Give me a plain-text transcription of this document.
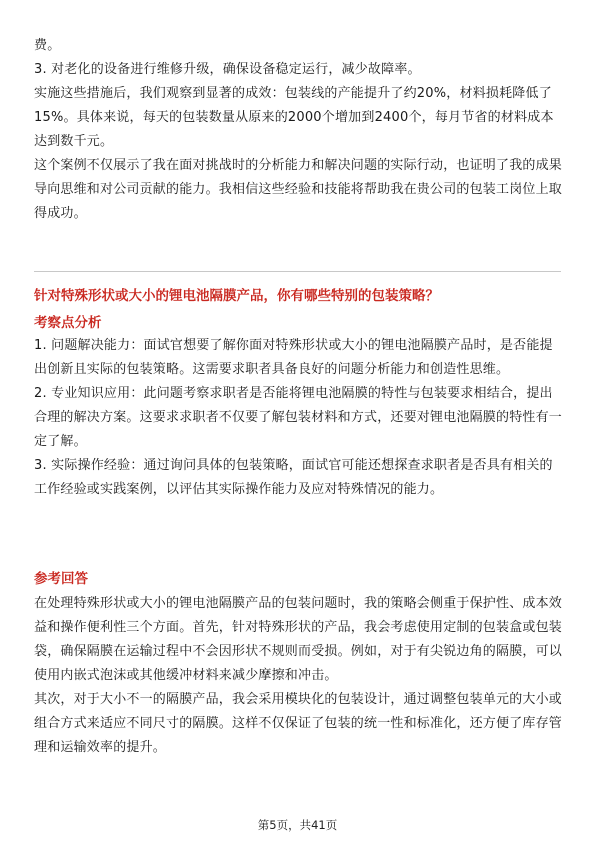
费。

3. 对老化的设备进行维修升级，确保设备稳定运行，减少故障率。

实施这些措施后，我们观察到显著的成效：包装线的产能提升了约20%，材料损耗降低了15%。具体来说，每天的包装数量从原来的2000个增加到2400个，每月节省的材料成本达到数千元。

这个案例不仅展示了我在面对挑战时的分析能力和解决问题的实际行动，也证明了我的成果导向思维和对公司贡献的能力。我相信这些经验和技能将帮助我在贵公司的包装工岗位上取得成功。

针对特殊形状或大小的锂电池隔膜产品，你有哪些特别的包装策略？

考察点分析

1. 问题解决能力：面试官想要了解你面对特殊形状或大小的锂电池隔膜产品时，是否能提出创新且实际的包装策略。这需要求职者具备良好的问题分析能力和创造性思维。

2. 专业知识应用：此问题考察求职者是否能将锂电池隔膜的特性与包装要求相结合，提出合理的解决方案。这要求求职者不仅要了解包装材料和方式，还要对锂电池隔膜的特性有一定了解。

3. 实际操作经验：通过询问具体的包装策略，面试官可能还想探查求职者是否具有相关的工作经验或实践案例，以评估其实际操作能力及应对特殊情况的能力。

参考回答

在处理特殊形状或大小的锂电池隔膜产品的包装问题时，我的策略会侧重于保护性、成本效益和操作便利性三个方面。首先，针对特殊形状的产品，我会考虑使用定制的包装盒或包装袋，确保隔膜在运输过程中不会因形状不规则而受损。例如，对于有尖锐边角的隔膜，可以使用内嵌式泡沫或其他缓冲材料来减少摩擦和冲击。

其次，对于大小不一的隔膜产品，我会采用模块化的包装设计，通过调整包装单元的大小或组合方式来适应不同尺寸的隔膜。这样不仅保证了包装的统一性和标准化，还方便了库存管理和运输效率的提升。

第5页，共41页
